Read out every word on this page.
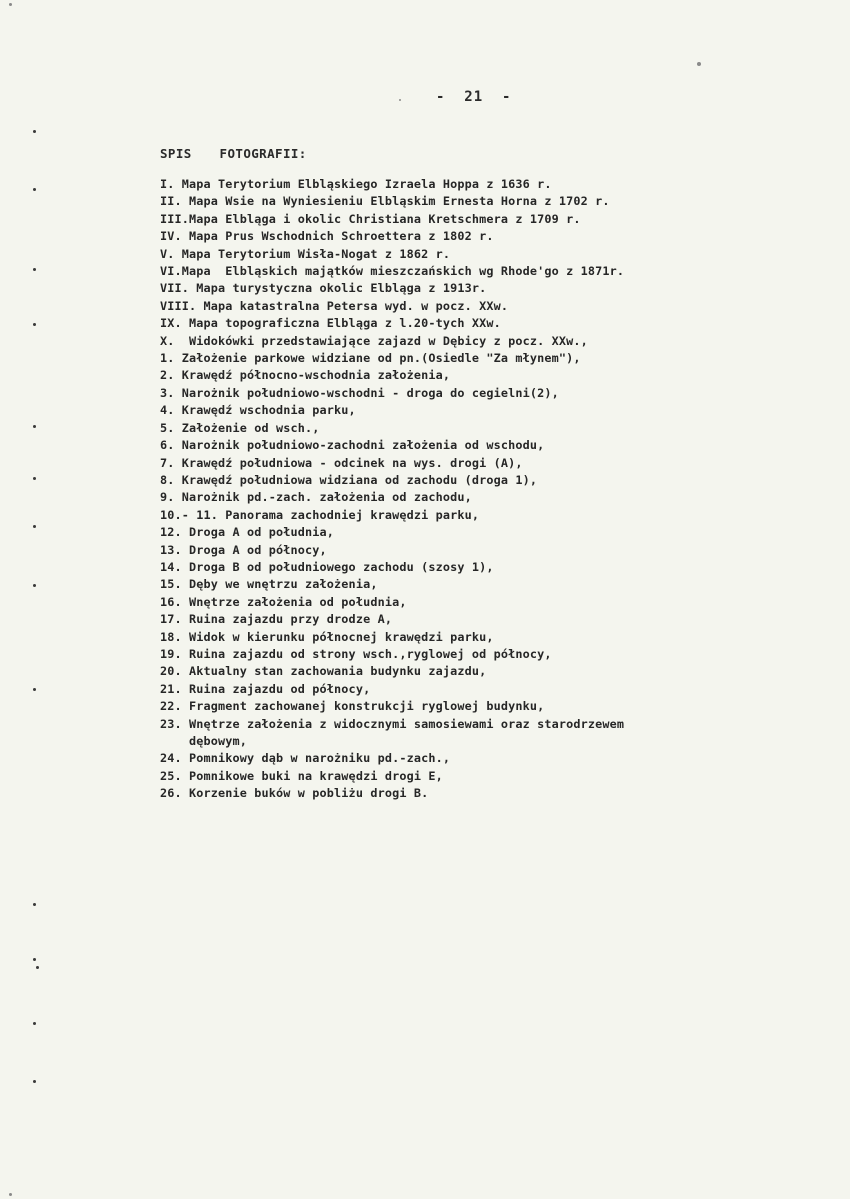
-  21  -
SPIS  FOTOGRAFII:
I. Mapa Terytorium Elbląskiego Izraela Hoppa z 1636 r.
II. Mapa Wsie na Wyniesieniu Elbląskim Ernesta Horna z 1702 r.
III.Mapa Elbląga i okolic Christiana Kretschmera z 1709 r.
IV. Mapa Prus Wschodnich Schroettera z 1802 r.
V. Mapa Terytorium Wisła-Nogat z 1862 r.
VI.Mapa  Elbląskich majątków mieszczańskich wg Rhode'go z 1871r.
VII. Mapa turystyczna okolic Elbląga z 1913r.
VIII. Mapa katastralna Petersa wyd. w pocz. XXw.
IX. Mapa topograficzna Elbląga z l.20-tych XXw.
X.  Widokówki przedstawiające zajazd w Dębicy z pocz. XXw.,
1. Założenie parkowe widziane od pn.(Osiedle "Za młynem"),
2. Krawędź północno-wschodnia założenia,
3. Narożnik południowo-wschodni - droga do cegielni(2),
4. Krawędź wschodnia parku,
5. Założenie od wsch.,
6. Narożnik południowo-zachodni założenia od wschodu,
7. Krawędź południowa - odcinek na wys. drogi (A),
8. Krawędź południowa widziana od zachodu (droga 1),
9. Narożnik pd.-zach. założenia od zachodu,
10.- 11. Panorama zachodniej krawędzi parku,
12. Droga A od południa,
13. Droga A od północy,
14. Droga B od południowego zachodu (szosy 1),
15. Dęby we wnętrzu założenia,
16. Wnętrze założenia od południa,
17. Ruina zajazdu przy drodze A,
18. Widok w kierunku północnej krawędzi parku,
19. Ruina zajazdu od strony wsch.,ryglowej od północy,
20. Aktualny stan zachowania budynku zajazdu,
21. Ruina zajazdu od północy,
22. Fragment zachowanej konstrukcji ryglowej budynku,
23. Wnętrze założenia z widocznymi samosiewami oraz starodrzewem
dębowym,
24. Pomnikowy dąb w narożniku pd.-zach.,
25. Pomnikowe buki na krawędzi drogi E,
26. Korzenie buków w pobliżu drogi B.
